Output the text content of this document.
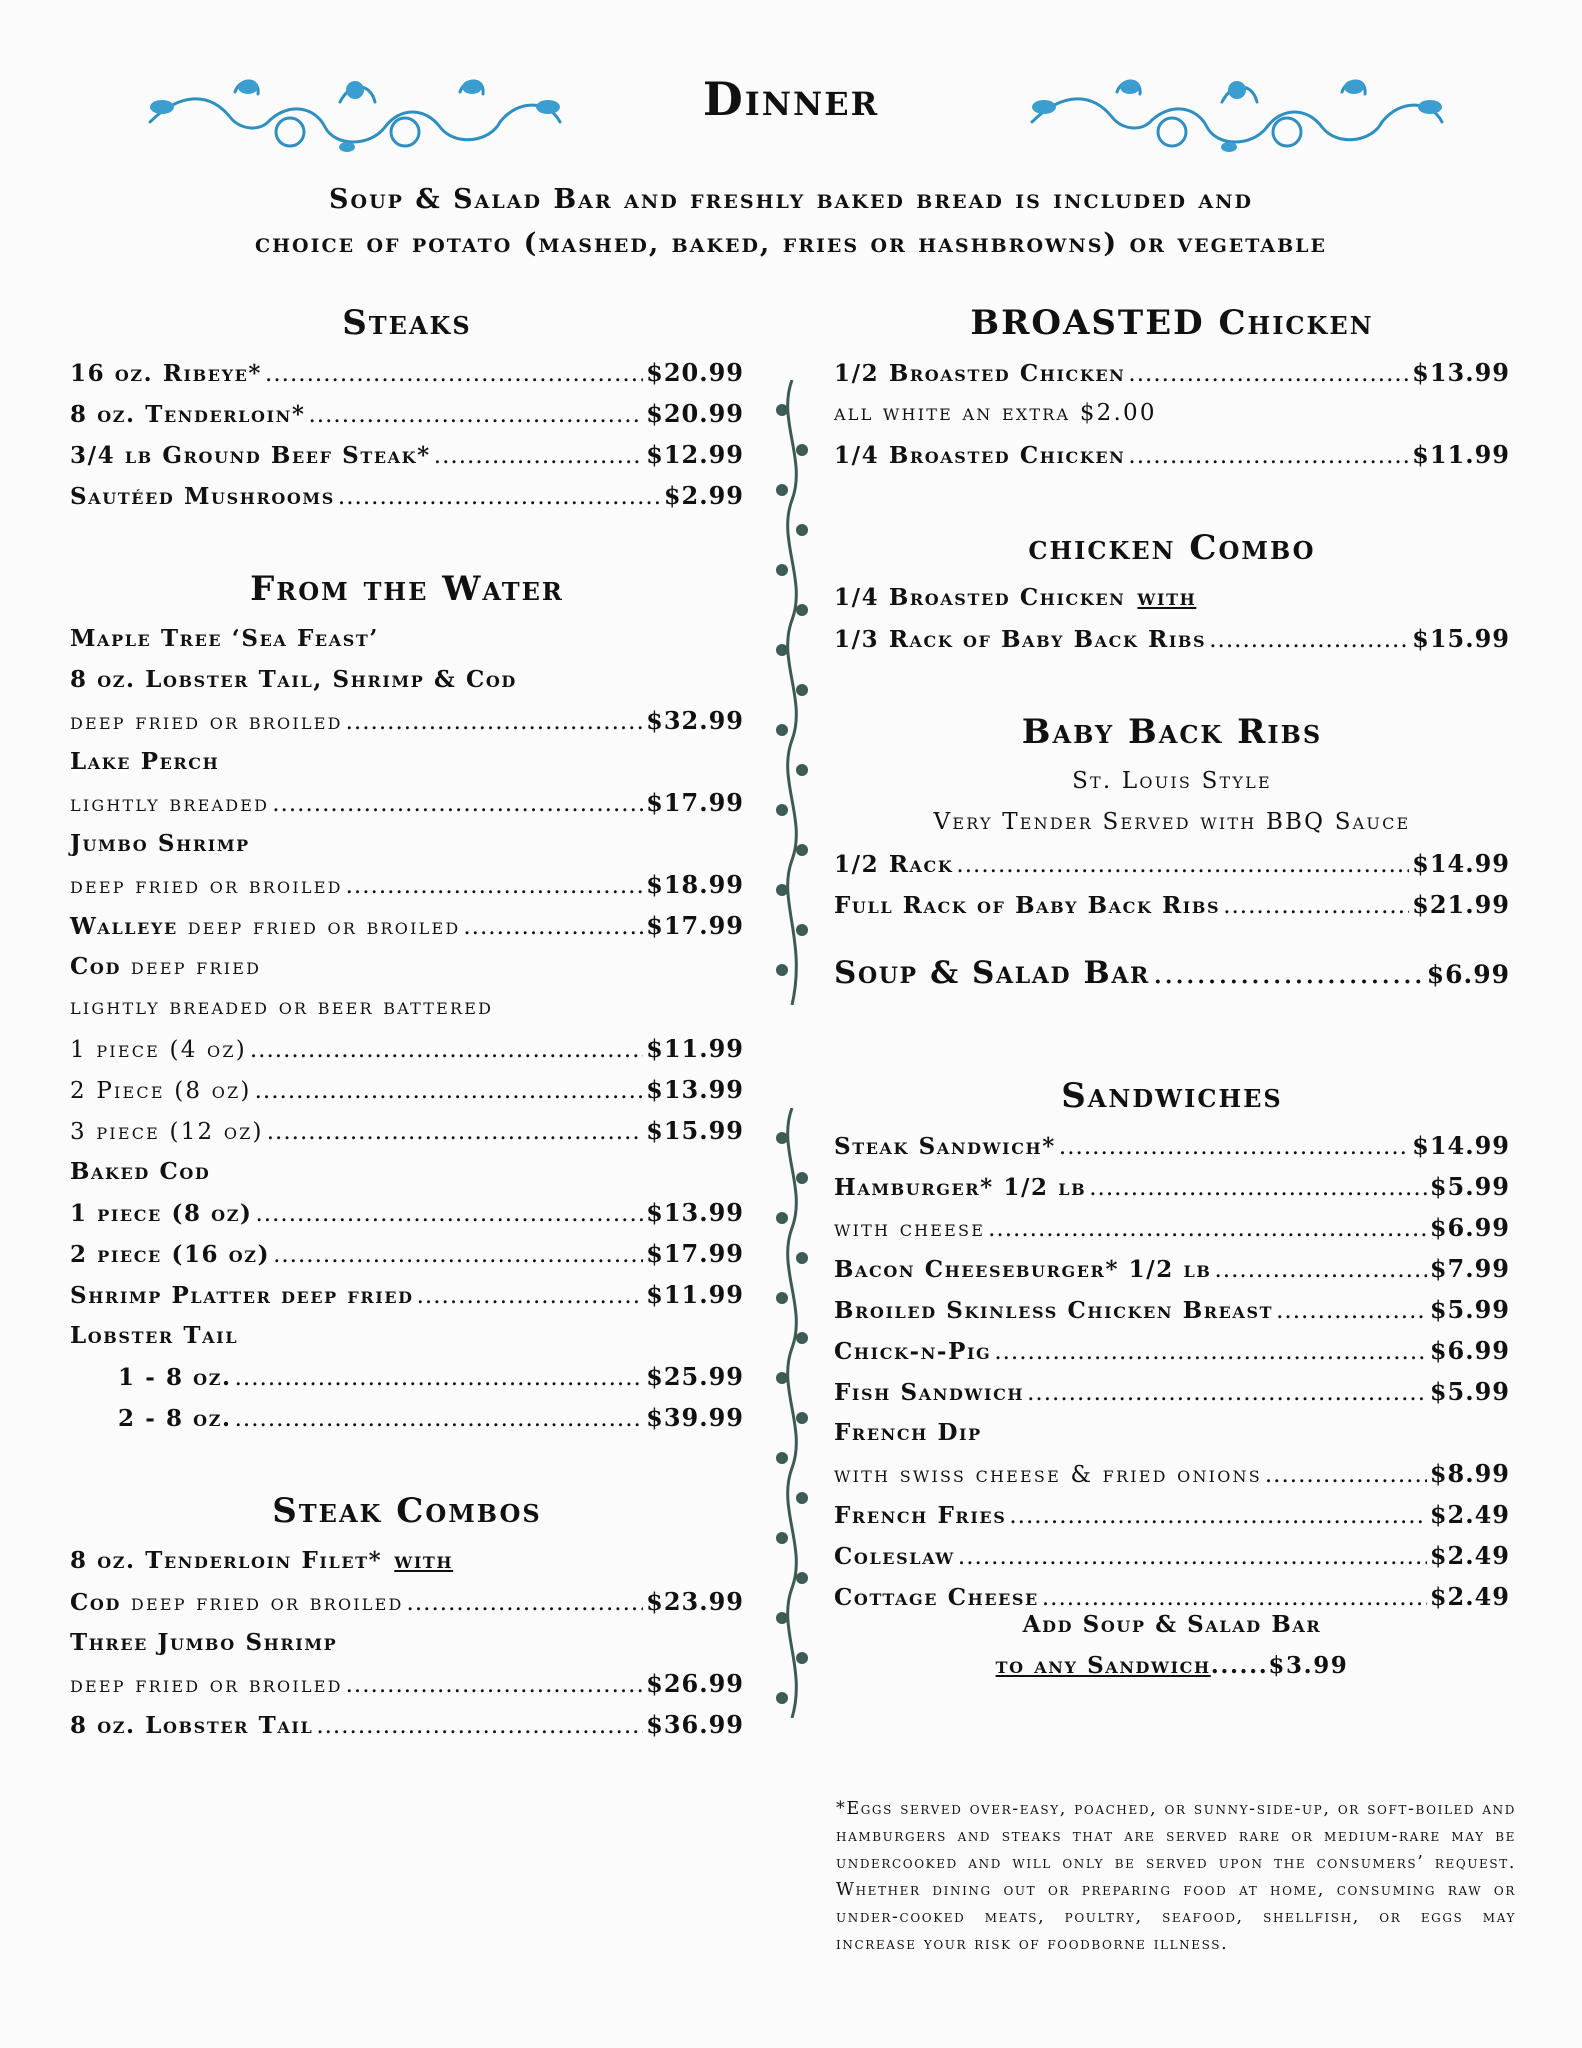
Dinner
Soup & Salad Bar and freshly baked bread is included and
choice of potato (mashed, baked, fries or hashbrowns) or vegetable
Steaks
16 oz. Ribeye* .....	$20.99
8 oz. Tenderloin* .....	$20.99
3/4 lb Ground Beef Steak* .....	$12.99
Sautéed Mushrooms .....	$2.99
From the Water
Maple Tree ‘Sea Feast’
8 oz. Lobster Tail, Shrimp & Cod
deep fried or broiled .....	$32.99
Lake Perch
lightly breaded .....	$17.99
Jumbo Shrimp
deep fried or broiled .....	$18.99
Walleye deep fried or broiled .....	$17.99
Cod deep fried
lightly breaded or beer battered
1 piece (4 oz) .....	$11.99
2 Piece (8 oz) .....	$13.99
3 piece (12 oz) .....	$15.99
Baked Cod
1 piece (8 oz) .....	$13.99
2 piece (16 oz) .....	$17.99
Shrimp Platter deep fried .....	$11.99
Lobster Tail
1 - 8 oz. .....	$25.99
2 - 8 oz. .....	$39.99
Steak Combos
8 oz. Tenderloin Filet* with
Cod deep fried or broiled .....	$23.99
Three Jumbo Shrimp
deep fried or broiled .....	$26.99
8 oz. Lobster Tail .....	$36.99
BROASTED Chicken
1/2 Broasted Chicken .....	$13.99
all white an extra $2.00
1/4 Broasted Chicken .....	$11.99
chicken Combo
1/4 Broasted Chicken with
1/3 Rack of Baby Back Ribs .....	$15.99
Baby Back Ribs
St. Louis Style
Very Tender Served with BBQ Sauce
1/2 Rack .....	$14.99
Full Rack of Baby Back Ribs .....	$21.99
Soup & Salad Bar .....	$6.99
Sandwiches
Steak Sandwich* .....	$14.99
Hamburger* 1/2 lb .....	$5.99
with cheese .....	$6.99
Bacon Cheeseburger* 1/2 lb .....	$7.99
Broiled Skinless Chicken Breast .....	$5.99
Chick-n-Pig .....	$6.99
Fish Sandwich .....	$5.99
French Dip
with swiss cheese & fried onions .....	$8.99
French Fries .....	$2.49
Coleslaw .....	$2.49
Cottage Cheese .....	$2.49
Add Soup & Salad Bar
to any Sandwich......$3.99
*Eggs served over-easy, poached, or sunny-side-up, or soft-boiled and hamburgers and steaks that are served rare or medium-rare may be undercooked and will only be served upon the consumers’ request. Whether dining out or preparing food at home, consuming raw or under-cooked meats, poultry, seafood, shellfish, or eggs may increase your risk of foodborne illness.
